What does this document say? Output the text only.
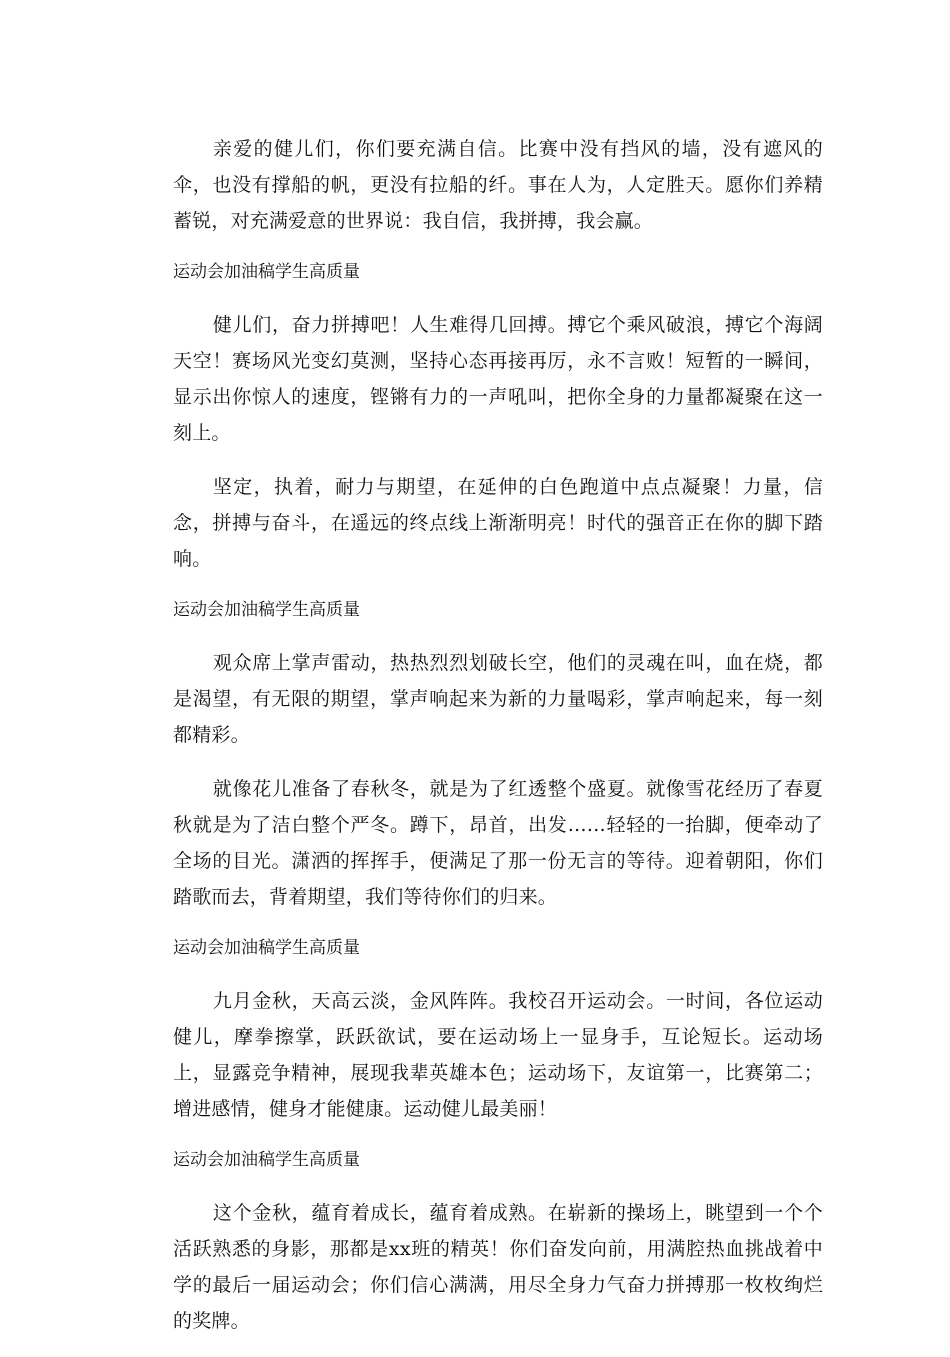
亲爱的健儿们，你们要充满自信。比赛中没有挡风的墙，没有遮风的伞，也没有撑船的帆，更没有拉船的纤。事在人为，人定胜天。愿你们养精蓄锐，对充满爱意的世界说：我自信，我拼搏，我会赢。

运动会加油稿学生高质量

健儿们，奋力拼搏吧！人生难得几回搏。搏它个乘风破浪，搏它个海阔天空！赛场风光变幻莫测，坚持心态再接再厉，永不言败！短暂的一瞬间，显示出你惊人的速度，铿锵有力的一声吼叫，把你全身的力量都凝聚在这一刻上。

坚定，执着，耐力与期望，在延伸的白色跑道中点点凝聚！力量，信念，拼搏与奋斗，在遥远的终点线上渐渐明亮！时代的强音正在你的脚下踏响。

运动会加油稿学生高质量

观众席上掌声雷动，热热烈烈划破长空，他们的灵魂在叫，血在烧，都是渴望，有无限的期望，掌声响起来为新的力量喝彩，掌声响起来，每一刻都精彩。

就像花儿准备了春秋冬，就是为了红透整个盛夏。就像雪花经历了春夏秋就是为了洁白整个严冬。蹲下，昂首，出发……轻轻的一抬脚，便牵动了全场的目光。潇洒的挥挥手，便满足了那一份无言的等待。迎着朝阳，你们踏歌而去，背着期望，我们等待你们的归来。

运动会加油稿学生高质量

九月金秋，天高云淡，金风阵阵。我校召开运动会。一时间，各位运动健儿，摩拳擦掌，跃跃欲试，要在运动场上一显身手，互论短长。运动场上，显露竞争精神，展现我辈英雄本色；运动场下，友谊第一，比赛第二；增进感情，健身才能健康。运动健儿最美丽！

运动会加油稿学生高质量

这个金秋，蕴育着成长，蕴育着成熟。在崭新的操场上，眺望到一个个活跃熟悉的身影，那都是xx班的精英！你们奋发向前，用满腔热血挑战着中学的最后一届运动会；你们信心满满，用尽全身力气奋力拼搏那一枚枚绚烂的奖牌。
